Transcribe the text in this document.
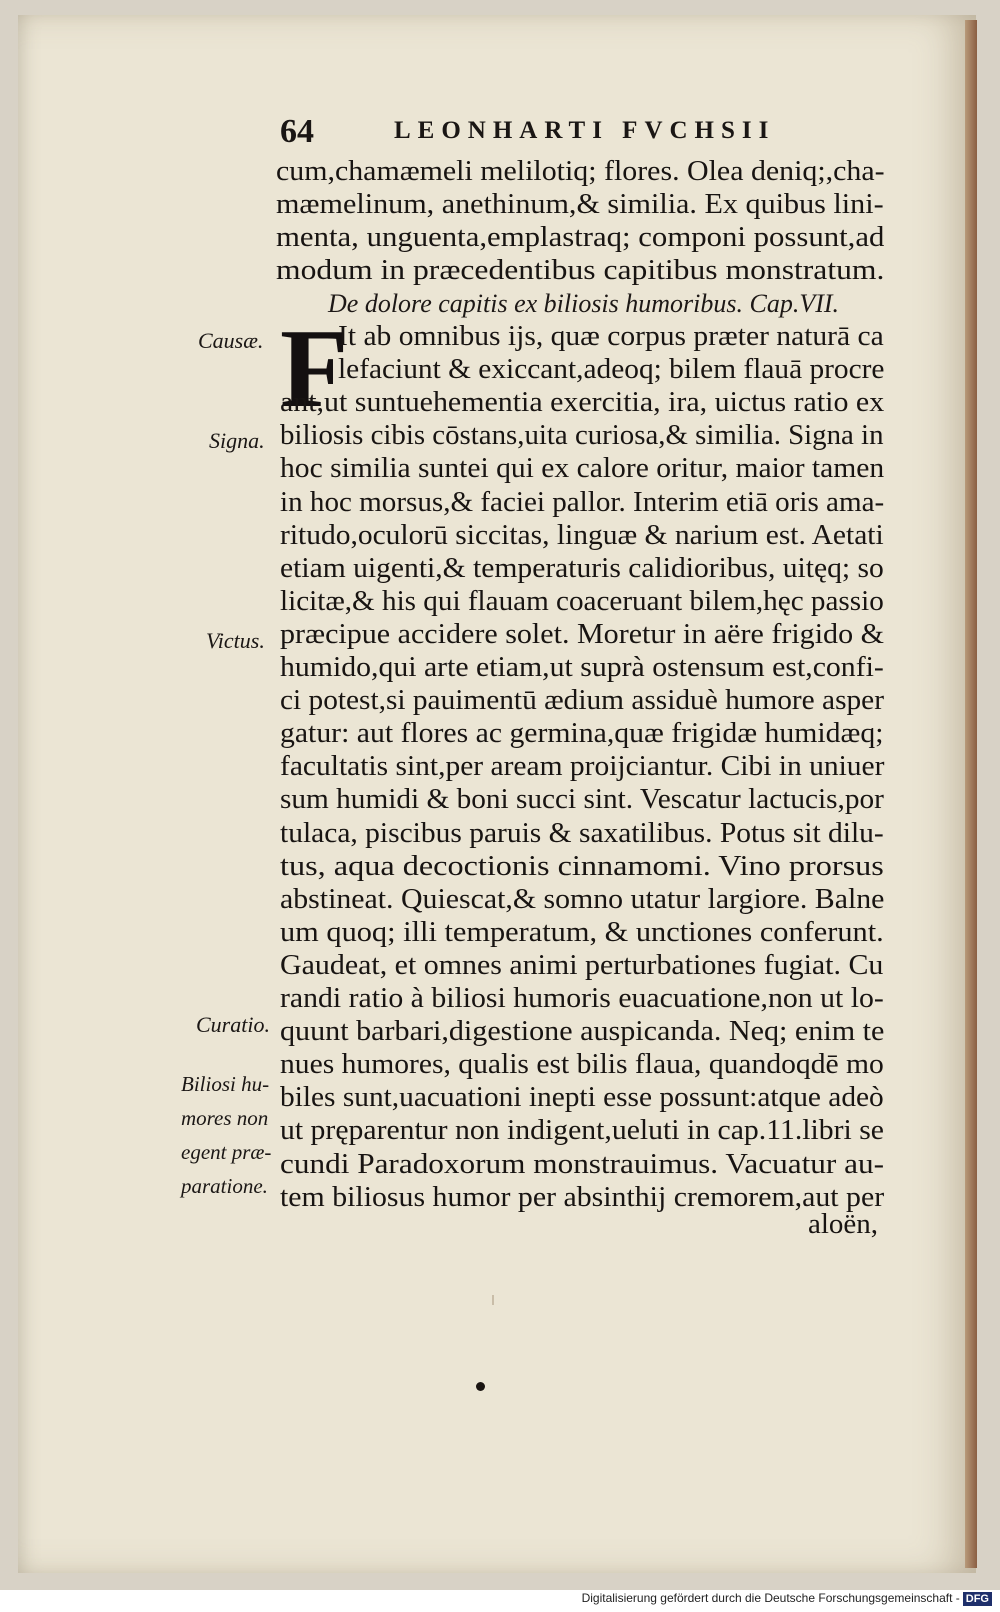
64	LEONHARTI FVCHSII
cum,chamæmeli melilotiq; flores. Olea deniq;,cha-
mæmelinum, anethinum,& similia. Ex quibus lini-
menta, unguenta,emplastraq; componi possunt,ad
modum in præcedentibus capitibus monstratum.
De dolore capitis ex biliosis humoribus. Cap.VII.
F
It ab omnibus ijs, quæ corpus præter naturā ca
lefaciunt & exiccant,adeoq; bilem flauā procre
ant,ut suntuehementia exercitia, ira, uictus ratio ex
biliosis cibis cōstans,uita curiosa,& similia. Signa in
hoc similia suntei qui ex calore oritur, maior tamen
in hoc morsus,& faciei pallor. Interim etiā oris ama-
ritudo,oculorū siccitas, linguæ & narium est. Aetati
etiam uigenti,& temperaturis calidioribus, uitęq; so
licitæ,& his qui flauam coaceruant bilem,hęc passio
præcipue accidere solet. Moretur in aëre frigido &
humido,qui arte etiam,ut suprà ostensum est,confi-
ci potest,si pauimentū ædium assiduè humore asper
gatur: aut flores ac germina,quæ frigidæ humidæq;
facultatis sint,per aream proijciantur. Cibi in uniuer
sum humidi & boni succi sint. Vescatur lactucis,por
tulaca, piscibus paruis & saxatilibus. Potus sit dilu-
tus, aqua decoctionis cinnamomi. Vino prorsus
abstineat. Quiescat,& somno utatur largiore. Balne
um quoq; illi temperatum, & unctiones conferunt.
Gaudeat, et omnes animi perturbationes fugiat. Cu
randi ratio à biliosi humoris euacuatione,non ut lo-
quunt barbari,digestione auspicanda. Neq; enim te
nues humores, qualis est bilis flaua, quandoqdē mo
biles sunt,uacuationi inepti esse possunt:atque adeò
ut pręparentur non indigent,ueluti in cap.11.libri se
cundi Paradoxorum monstrauimus. Vacuatur au-
tem biliosus humor per absinthij cremorem,aut per
aloën,
Causæ.
Signa.
Victus.
Curatio.
Biliosi hu-
mores non
egent præ-
paratione.
Digitalisierung gefördert durch die Deutsche Forschungsgemeinschaft - DFG
